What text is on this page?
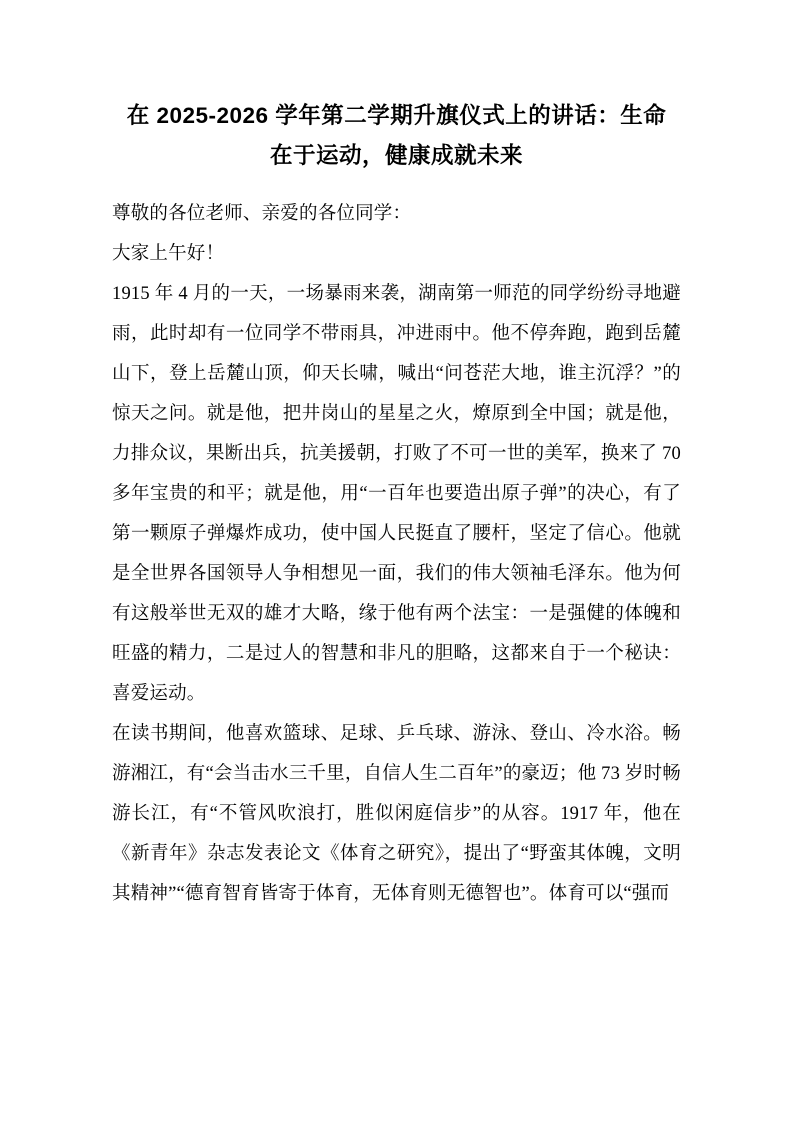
在 2025-2026 学年第二学期升旗仪式上的讲话：生命在于运动，健康成就未来

尊敬的各位老师、亲爱的各位同学：

大家上午好！

1915 年 4 月的一天，一场暴雨来袭，湖南第一师范的同学纷纷寻地避雨，此时却有一位同学不带雨具，冲进雨中。他不停奔跑，跑到岳麓山下，登上岳麓山顶，仰天长啸，喊出“问苍茫大地，谁主沉浮？”的惊天之问。就是他，把井岗山的星星之火，燎原到全中国；就是他，力排众议，果断出兵，抗美援朝，打败了不可一世的美军，换来了 70 多年宝贵的和平；就是他，用“一百年也要造出原子弹”的决心，有了第一颗原子弹爆炸成功，使中国人民挺直了腰杆，坚定了信心。他就是全世界各国领导人争相想见一面，我们的伟大领袖毛泽东。他为何有这般举世无双的雄才大略，缘于他有两个法宝：一是强健的体魄和旺盛的精力，二是过人的智慧和非凡的胆略，这都来自于一个秘诀：喜爱运动。

在读书期间，他喜欢篮球、足球、乒乓球、游泳、登山、冷水浴。畅游湘江，有“会当击水三千里，自信人生二百年”的豪迈；他 73 岁时畅游长江，有“不管风吹浪打，胜似闲庭信步”的从容。1917 年，他在《新青年》杂志发表论文《体育之研究》，提出了“野蛮其体魄，文明其精神”“德育智育皆寄于体育，无体育则无德智也”。体育可以“强而
